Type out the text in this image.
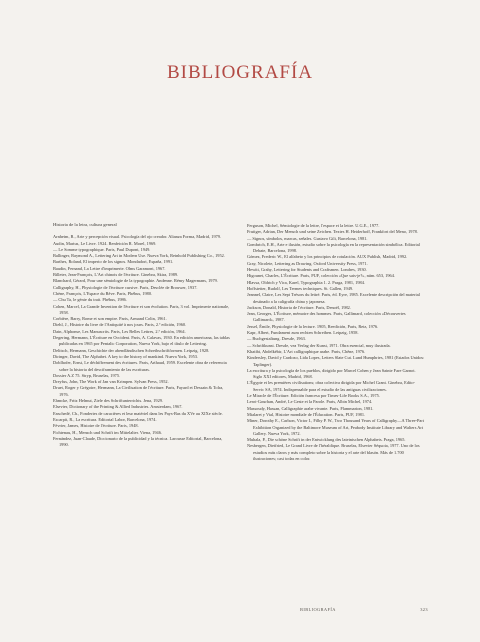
BIBLIOGRAFÍA
Historia de la letra, cultura general

Arnheim, R., Arte y percepción visual. Psicología del ojo creador. Alianza Forma, Madrid, 1979.

Audin, Marius, Le Livre. 1924. Renfeición R. Morel, 1969.

— Le Somme typographique. Paris, Paul Dupont, 1949.

Ballinger, Raymond A., Lettering Art in Modern Use. Nueva York, Reinhold Publishing Co., 1952.

Barthes, Roland, El imperio de los signos. Mondadori, España, 1991.

Baudin, Fernand, La Lettre d'imprimerie. Olms Garamont, 1967.

Billeter, Jean-François, L'Art chinois de l'écriture. Ginebra, Skira, 1989.

Blanchard, Gérard, Pour une sémiologie de la typographie. Andenne. Rémy Magermans, 1979.

Calligraphy, H., Physiologie de l'écriture cursive. Paris, Desclée de Brouwer, 1937.

Chène, François, L'Espace du Rêve. Paris, Phébus, 1980.

— Chu Ta, le génie du trait. Phébus, 1986.

Cohen, Marcel, La Grande Invention de l'écriture et son évolution. Paris, 3 vol. Imprimerie nationale, 1958.

Corbière, Barry, Rome et son empire. Paris, Armand Colin, 1961.

Diehl, J., Histoire du livre de l'Antiquité à nos jours. Paris, 2.ª edición, 1960.

Dain, Alphonse, Les Manuscrits. Paris, Les Belles Lettres, 2.ª edición, 1964.

Degering, Hermann, L'Écriture en Occident. Paris, A. Calavas, 1930. En edición americana, las tablas publicadas en 1965 por Pentalic Corporation, Nueva York, bajo el título de Lettering.

Delitsch, Hermann, Geschichte der abendländischen Schreibschriftformen. Leipzig, 1928.

Diringer, David, The Alphabet. A key to the history of mankind. Nueva York, 1953.

Doblhofer, Ernst, Le déchiffrement des écritures. Paris, Arthaud, 1959. Excelente obra de referencia sobre la historia del desciframiento de las escrituras.

Dossier A.Z 75. Stryp, Bruselas, 1975.

Dreyfus, John, The Work of Jan van Krimpen. Sylvan Press, 1952.

Druet, Roger y Grégoire, Hermann, La Civilisation de l'écriture. Paris, Fayard et Dessain & Tolra, 1976.

Ehmcke, Fritz Helmut, Ziele des Schriftunterrichts. Jena, 1929.

Elsevier, Dictionary of the Printing & Allied Industries. Amsterdam, 1967.

Enschedé, Ch., Fonderies de caractères et leur matériel dans les Pays-Bas du XVe au XIXe siècle.

Escarpit, R., La escritura. Editorial Labor, Barcelona, 1974.

Février, James, Histoire de l'écriture. Paris, 1948.

Fichtenau, H., Mensch und Schrift im Mittelalter. Viena, 1946.

Fernández, Juan-Claude, Diccionario de la publicidad y la técnica. Larousse Editorial, Barcelona, 1990.

Ferguson, Michel, Sémiologie de la lettre, l'espace et la lettre. U.G.E., 1977.

Frutiger, Adrian, Der Mensch und seine Zeichen. Textes H. Heiderhoff, Frankfort del Meno, 1978.

— Signos, símbolos, marcas, señales. Gustavo Gili, Barcelona, 1981.

Gombrich, E.H., Arte e ilusión, estudio sobre la psicología en la representación simbólica. Editorial Debate, Barcelona, 1998.

Gómez, Frederic W., El alfabeto y los principios de rotulación. AUX Publish, Madrid, 1992.

Gray, Nicolete, Lettering as Drawing. Oxford University Press, 1971.

Hewitt, Grahy, Lettering for Students and Craftsmen. Londres, 1930.

Higounet, Charles, L'Écriture. Paris, PUF, colección «Que sais-je?», núm. 653, 1964.

Hlavsa, Oldrich y Vica, Karel, Typographia 1. 2. Praga, 1981, 1984.

Hoffstetter, Rudolf, Les Termes techniques. St. Gallen, 1949.

Jeannel, Claire, Les Sept Trésors du lettré. Paris, éd. Eyre, 1985. Excelente descripción del material destinado a la caligrafía china y japonesa.

Jackson, Donald, Historia de l'écriture. Paris, Denoël, 1982.

Jean, Georges, L'Écriture, mémoire des hommes. Paris, Gallimard, colección «Découvertes Gallimard», 1987.

Jessel, Émile, Physiologie de la lecture. 1905, Reedición, Paris, Retz, 1976.

Kapr, Albert, Fundament zum rechten Schreiben. Leipzig, 1958.

— Buchgestaltung. Dresde, 1963.

— Schriftkunst. Dresde, vea Verlag der Kunst, 1971. Obra esencial, muy ilustrada.

Khatibi, Abdelkébir, L'Art calligraphique arabe. Paris, Chêne, 1976.

Kindersley, David y Cardozo, Lida Lopes, Letters Slate Cut. Lund Humphries, 1981 (Estados Unidos: Taplinger).

La escritura y la psicología de los pueblos, dirigido por Marcel Cohen y Jean Sainte Fare Garnot. Siglo XXI editores, Madrid, 1968.

L'Égypte et les premières civilisations; obra colectiva dirigida por Michel Grant. Ginebra, Edito-Servic SA, 1974. Indispensable para el estudio de las antiguas civilizaciones.

Le Miracle de l'Écriture. Edición francesa por Times-Life Books S.A., 1975.

Leroi-Gourhan, André, Le Geste et la Parole. Paris, Albin Michel, 1974.

Massoudy, Hassan, Calligraphie arabe vivante. Paris, Flammarion, 1981.

Mialaret y Vial, Histoire mondiale de l'Éducation. Paris, PUF, 1981.

Miner, Dorothy E., Carlson, Victor I., Filby P. W., Two Thousand Years of Calligraphy—A Three-Part Exhibition Organized by the Baltimore Museum of Art, Peabody Institute Library and Walters Art Gallery. Nueva York, 1972.

Muhala, P., Die schöne Schrift in der Entwicklung des lateinischen Alphabets. Praga, 1965.

Nesbergen, Dietfried, Le Grand Livre de l'héraldique. Bruselas, Elsevier Séquoia, 1977. Uno de los estudios más claros y más completo sobre la historia y el arte del blasón. Más de 1.700 ilustraciones; casi todas en color.

BIBLIOGRAFÍA	323
